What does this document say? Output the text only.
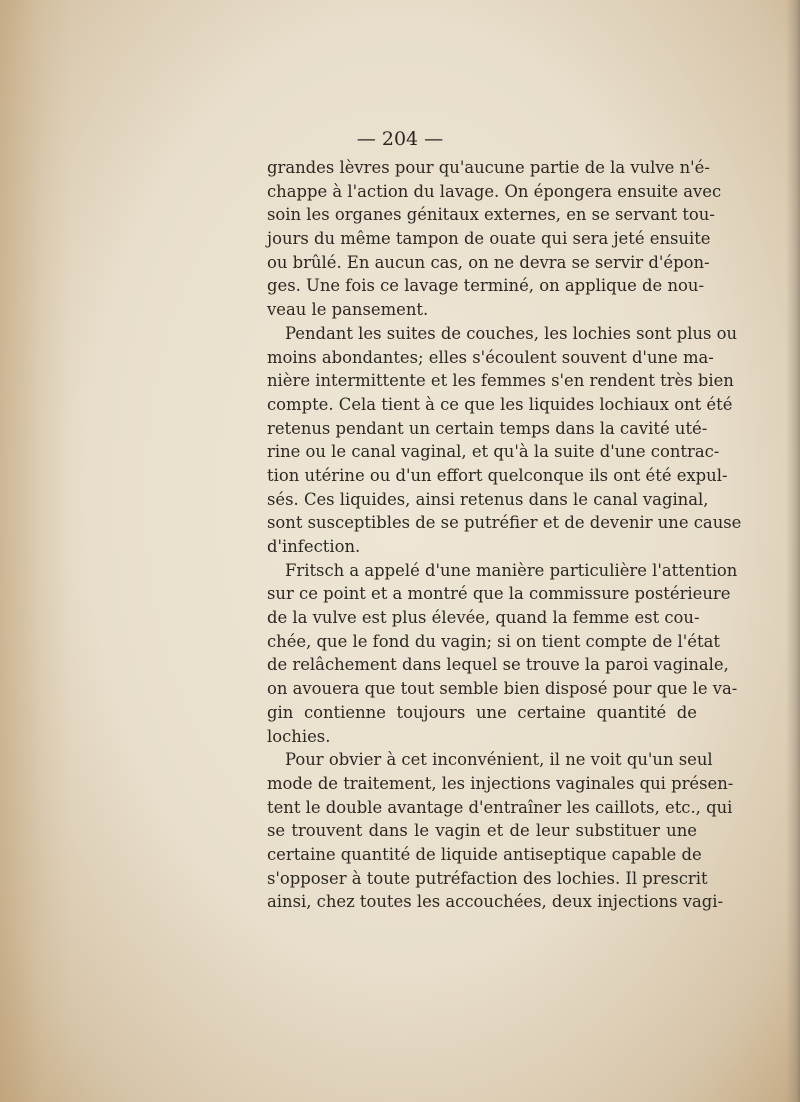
— 204 —
grandes lèvres pour qu'aucune partie de la vulve n'é-
chappe à l'action du lavage. On épongera ensuite avec
soin les organes génitaux externes, en se servant tou-
jours du même tampon de ouate qui sera jeté ensuite
ou brûlé. En aucun cas, on ne devra se servir d'épon-
ges. Une fois ce lavage terminé, on applique de nou-
veau le pansement.
Pendant les suites de couches, les lochies sont plus ou
moins abondantes; elles s'écoulent souvent d'une ma-
nière intermittente et les femmes s'en rendent très bien
compte. Cela tient à ce que les liquides lochiaux ont été
retenus pendant un certain temps dans la cavité uté-
rine ou le canal vaginal, et qu'à la suite d'une contrac-
tion utérine ou d'un effort quelconque ils ont été expul-
sés. Ces liquides, ainsi retenus dans le canal vaginal,
sont susceptibles de se putréfier et de devenir une cause
d'infection.
Fritsch a appelé d'une manière particulière l'attention
sur ce point et a montré que la commissure postérieure
de la vulve est plus élevée, quand la femme est cou-
chée, que le fond du vagin; si on tient compte de l'état
de relâchement dans lequel se trouve la paroi vaginale,
on avouera que tout semble bien disposé pour que le va-
gin contienne toujours une certaine quantité de
lochies.
Pour obvier à cet inconvénient, il ne voit qu'un seul
mode de traitement, les injections vaginales qui présen-
tent le double avantage d'entraîner les caillots, etc., qui
se trouvent dans le vagin et de leur substituer une
certaine quantité de liquide antiseptique capable de
s'opposer à toute putréfaction des lochies. Il prescrit
ainsi, chez toutes les accouchées, deux injections vagi-
